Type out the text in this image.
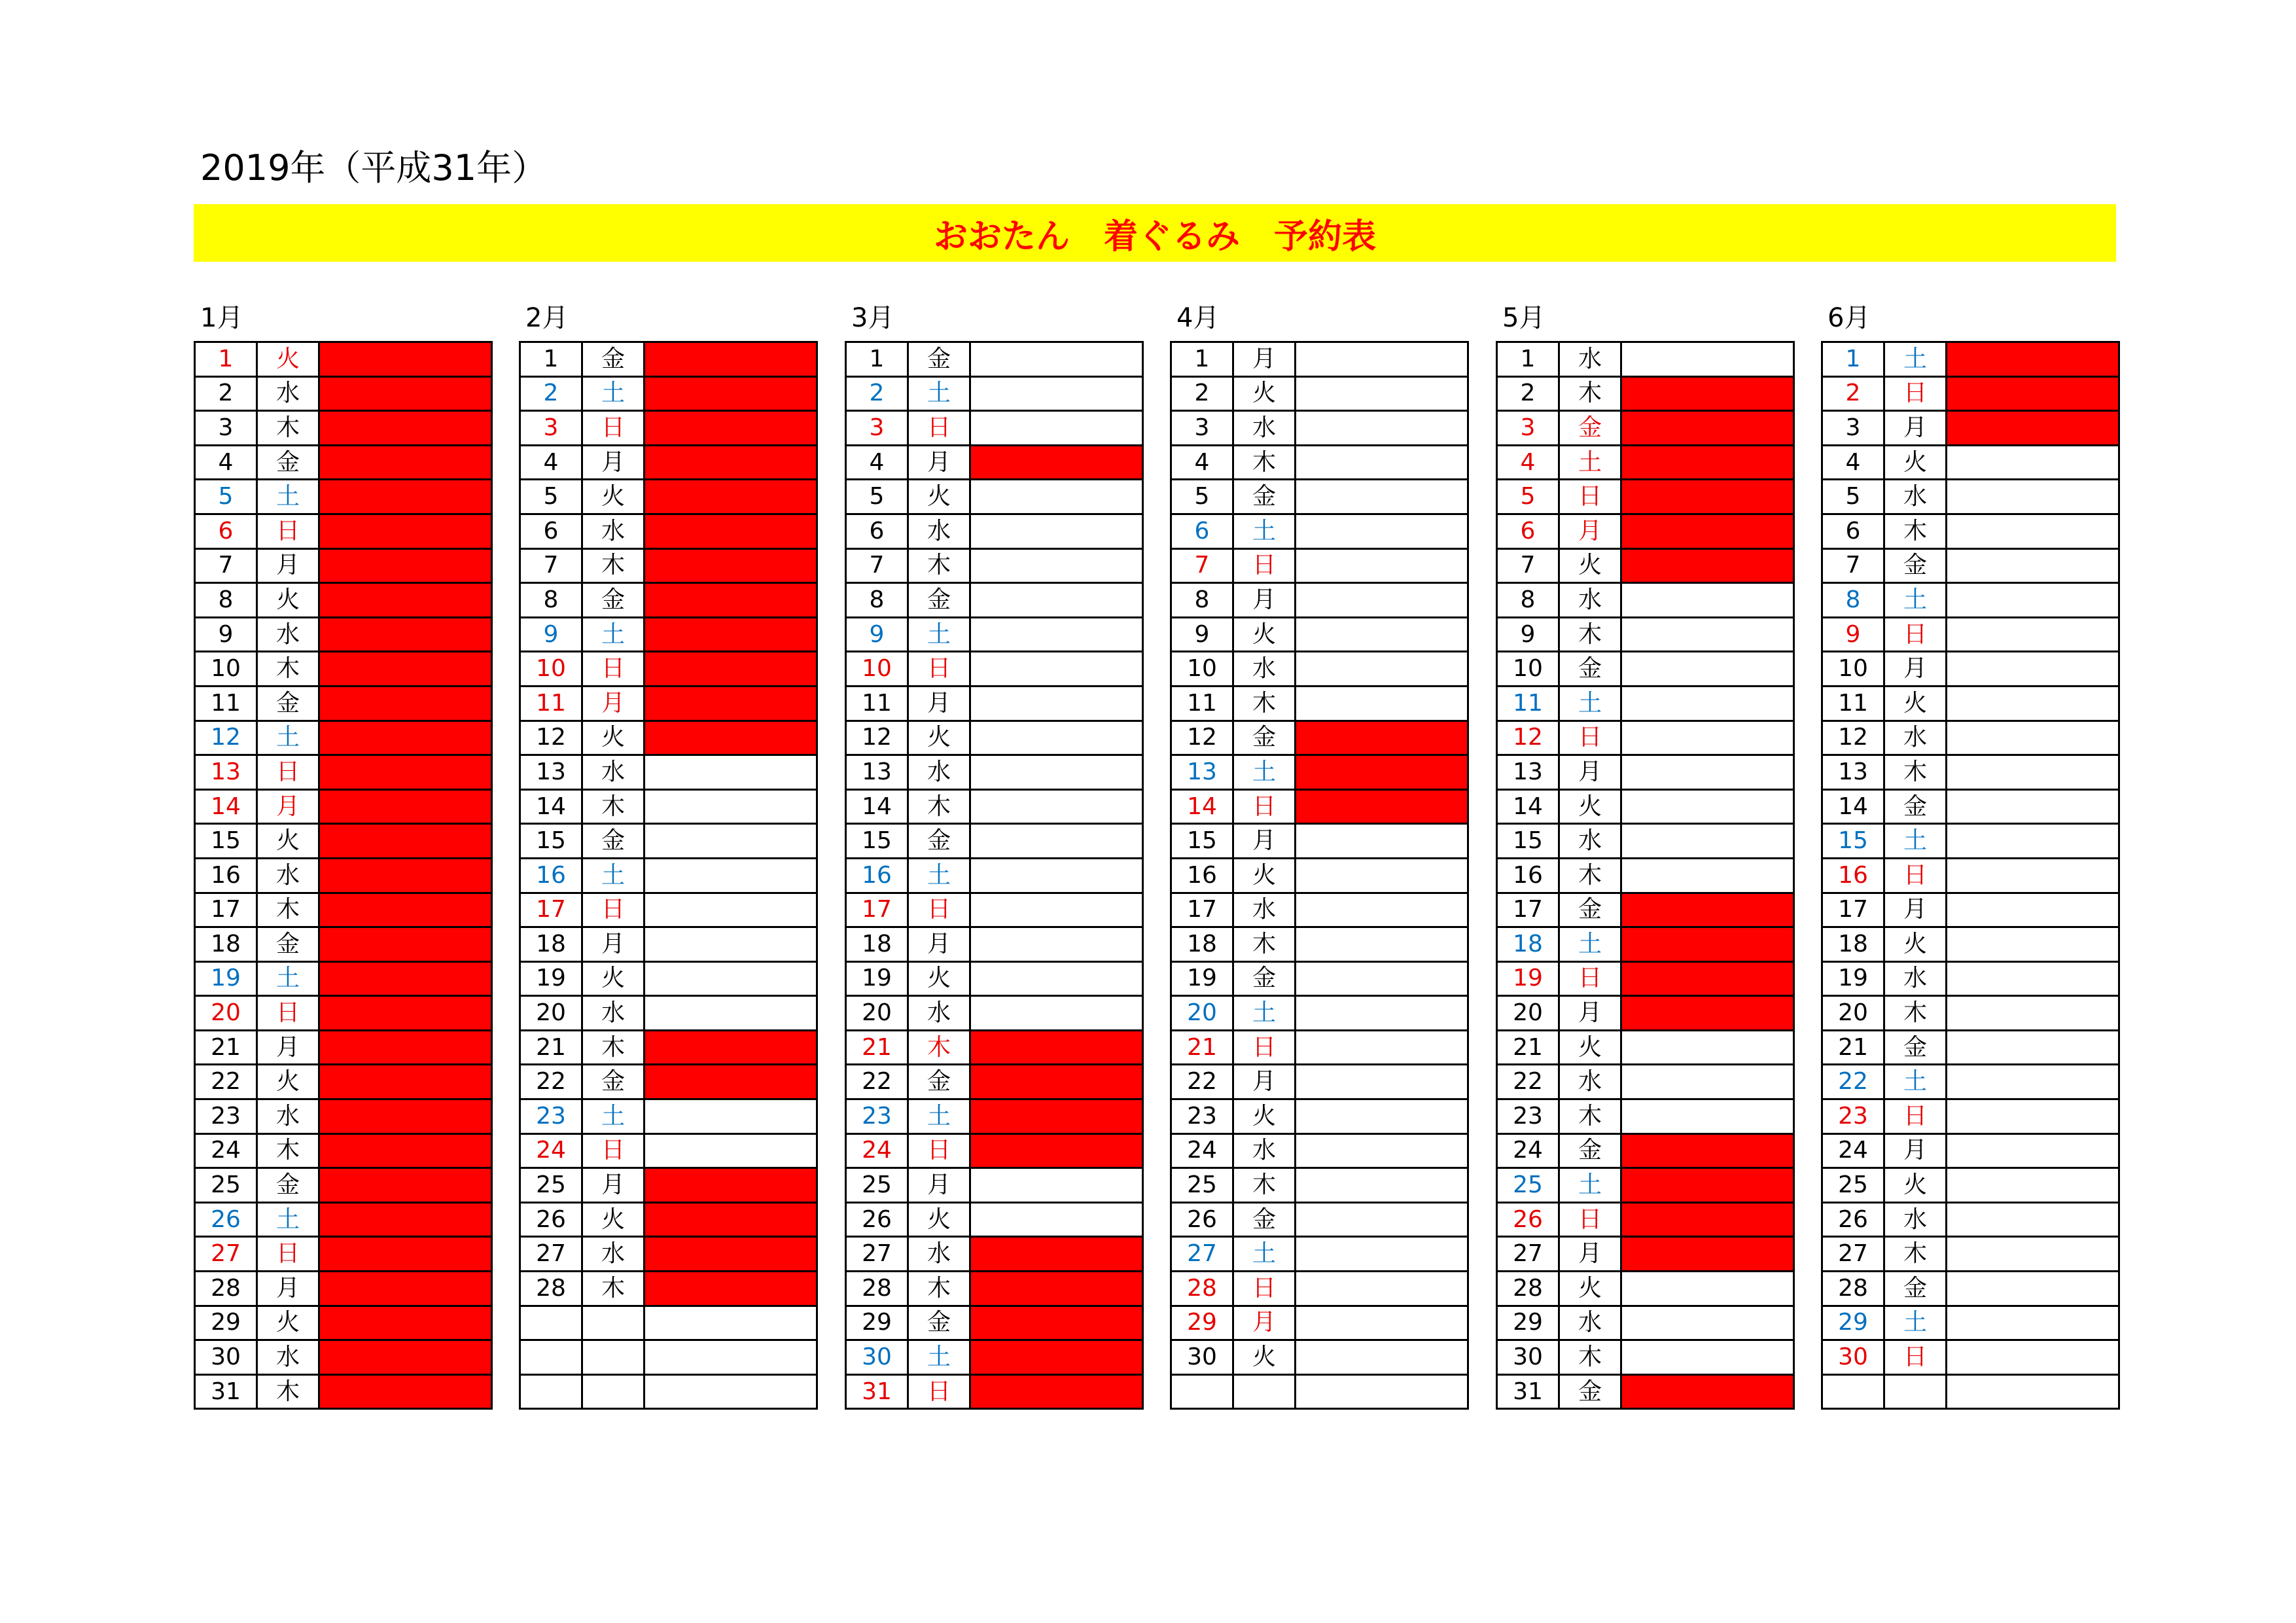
2019年（平成31年）
おおたん　着ぐるみ　予約表
1月
1	火	
2	水	
3	木	
4	金	
5	土	
6	日	
7	月	
8	火	
9	水	
10	木	
11	金	
12	土	
13	日	
14	月	
15	火	
16	水	
17	木	
18	金	
19	土	
20	日	
21	月	
22	火	
23	水	
24	木	
25	金	
26	土	
27	日	
28	月	
29	火	
30	水	
31	木	
2月
1	金	
2	土	
3	日	
4	月	
5	火	
6	水	
7	木	
8	金	
9	土	
10	日	
11	月	
12	火	
13	水	
14	木	
15	金	
16	土	
17	日	
18	月	
19	火	
20	水	
21	木	
22	金	
23	土	
24	日	
25	月	
26	火	
27	水	
28	木	

3月
1	金	
2	土	
3	日	
4	月	
5	火	
6	水	
7	木	
8	金	
9	土	
10	日	
11	月	
12	火	
13	水	
14	木	
15	金	
16	土	
17	日	
18	月	
19	火	
20	水	
21	木	
22	金	
23	土	
24	日	
25	月	
26	火	
27	水	
28	木	
29	金	
30	土	
31	日	
4月
1	月	
2	火	
3	水	
4	木	
5	金	
6	土	
7	日	
8	月	
9	火	
10	水	
11	木	
12	金	
13	土	
14	日	
15	月	
16	火	
17	水	
18	木	
19	金	
20	土	
21	日	
22	月	
23	火	
24	水	
25	木	
26	金	
27	土	
28	日	
29	月	
30	火	

5月
1	水	
2	木	
3	金	
4	土	
5	日	
6	月	
7	火	
8	水	
9	木	
10	金	
11	土	
12	日	
13	月	
14	火	
15	水	
16	木	
17	金	
18	土	
19	日	
20	月	
21	火	
22	水	
23	木	
24	金	
25	土	
26	日	
27	月	
28	火	
29	水	
30	木	
31	金	
6月
1	土	
2	日	
3	月	
4	火	
5	水	
6	木	
7	金	
8	土	
9	日	
10	月	
11	火	
12	水	
13	木	
14	金	
15	土	
16	日	
17	月	
18	火	
19	水	
20	木	
21	金	
22	土	
23	日	
24	月	
25	火	
26	水	
27	木	
28	金	
29	土	
30	日	
